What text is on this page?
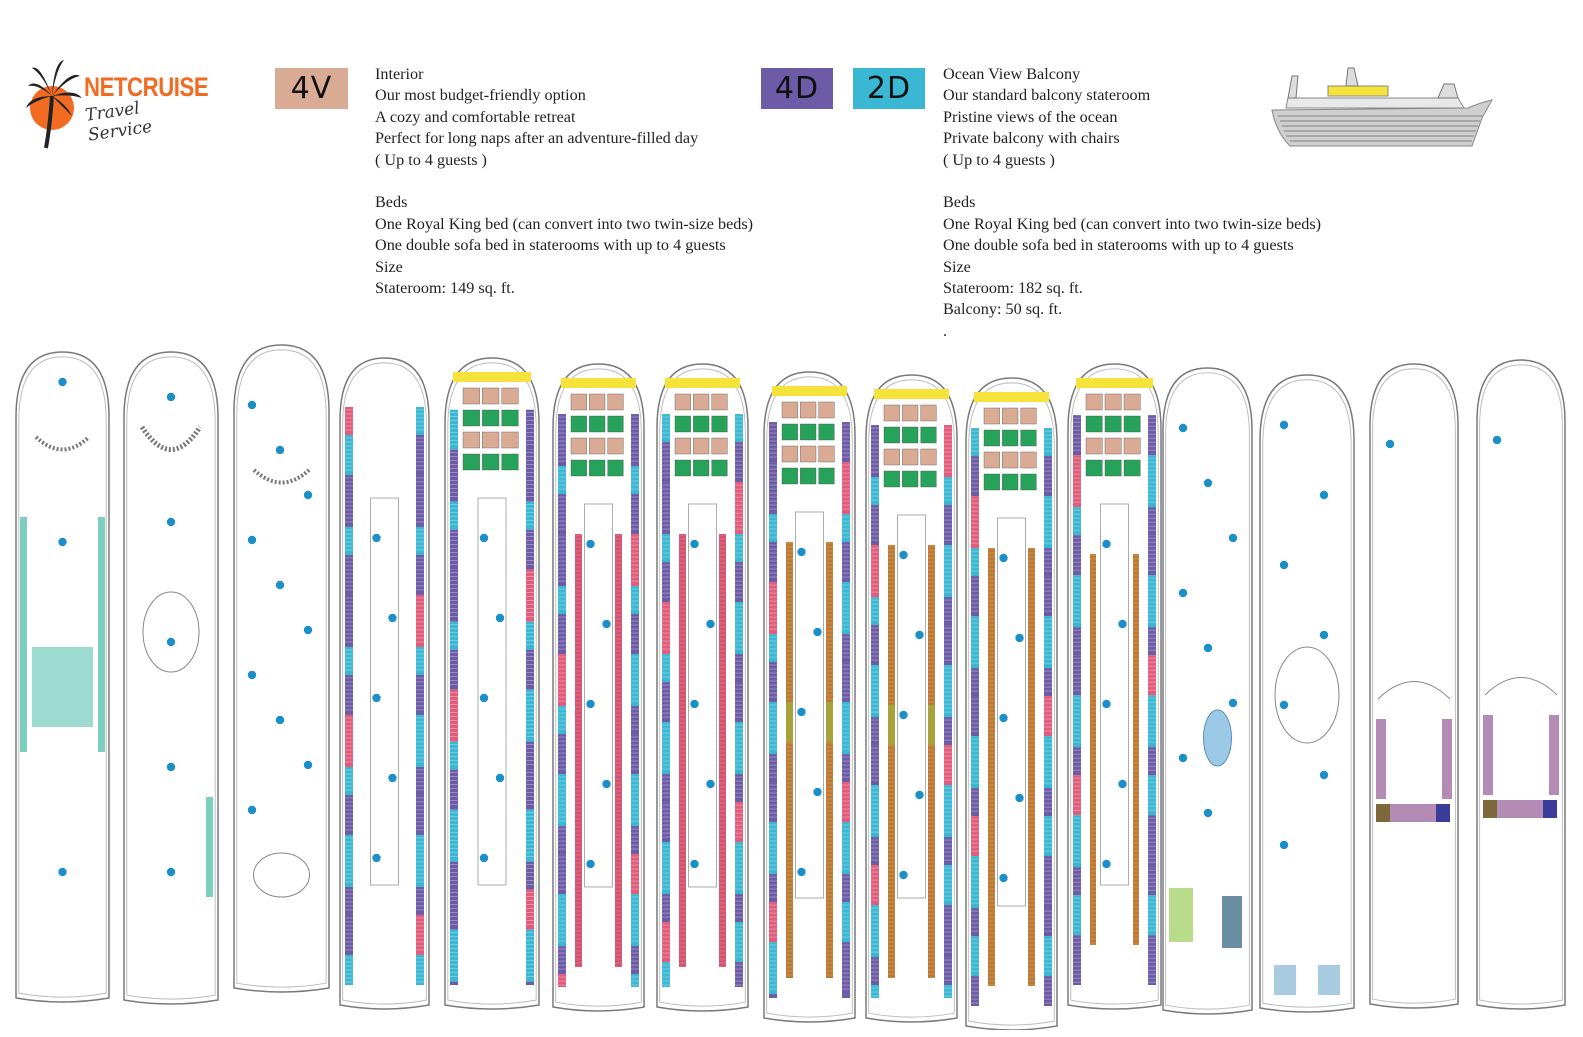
NETCRUISE
Travel Service
4V	4D	2D
Interior
Our most budget-friendly option
A cozy and comfortable retreat
Perfect for long naps after an adventure-filled day
( Up to 4 guests )
Beds
One Royal King bed (can convert into two twin-size beds)
One double sofa bed in staterooms with up to 4 guests
Size
Stateroom: 149 sq. ft.
Ocean View Balcony
Our standard balcony stateroom
Pristine views of the ocean
Private balcony with chairs
( Up to 4 guests )
Beds
One Royal King bed (can convert into two twin-size beds)
One double sofa bed in staterooms with up to 4 guests
Size
Stateroom: 182 sq. ft.
Balcony: 50 sq. ft.
.
